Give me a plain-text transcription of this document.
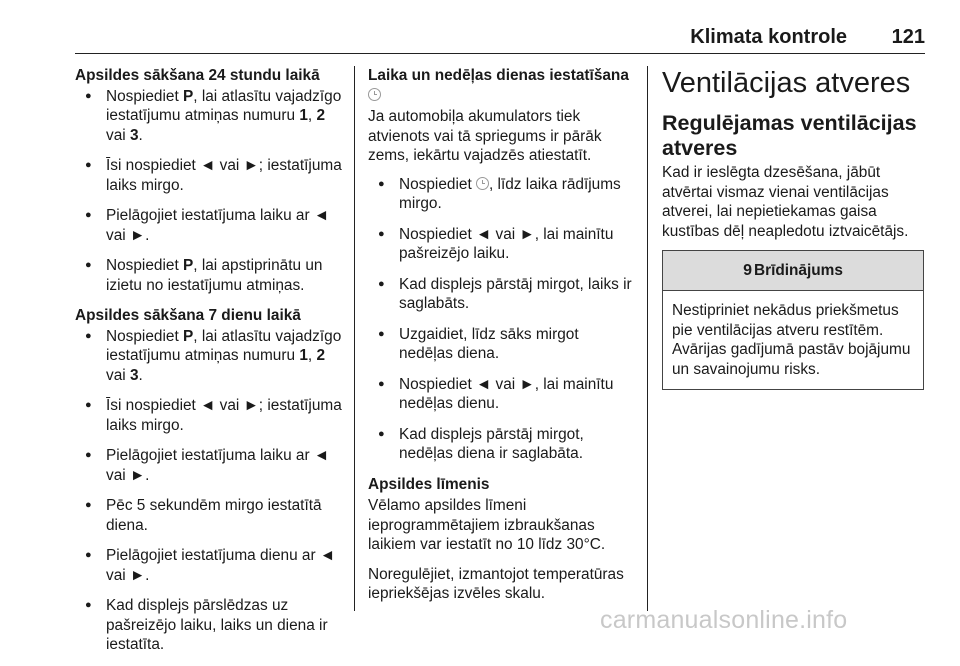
Klimata kontrole 121
Apsildes sākšana 24 stundu laikā
● Nospiediet P, lai atlasītu vajadzīgo iestatījumu atmiņas numuru 1, 2 vai 3.
● Īsi nospiediet ◄ vai ►; iestatījuma laiks mirgo.
● Pielāgojiet iestatījuma laiku ar ◄ vai ►.
● Nospiediet P, lai apstiprinātu un izietu no iestatījumu atmiņas.
Apsildes sākšana 7 dienu laikā
● Nospiediet P, lai atlasītu vajadzīgo iestatījumu atmiņas numuru 1, 2 vai 3.
● Īsi nospiediet ◄ vai ►; iestatījuma laiks mirgo.
● Pielāgojiet iestatījuma laiku ar ◄ vai ►.
● Pēc 5 sekundēm mirgo iestatītā diena.
● Pielāgojiet iestatījuma dienu ar ◄ vai ►.
● Kad displejs pārslēdzas uz pašreizējo laiku, laiks un diena ir iestatīta.
Laika un nedēļas dienas iestatīšana
Ja automobiļa akumulators tiek atvienots vai tā spriegums ir pārāk zems, iekārtu vajadzēs atiestatīt.
● Nospiediet , līdz laika rādījums mirgo.
● Nospiediet ◄ vai ►, lai mainītu pašreizējo laiku.
● Kad displejs pārstāj mirgot, laiks ir saglabāts.
● Uzgaidiet, līdz sāks mirgot nedēļas diena.
● Nospiediet ◄ vai ►, lai mainītu nedēļas dienu.
● Kad displejs pārstāj mirgot, nedēļas diena ir saglabāta.
Apsildes līmenis
Vēlamo apsildes līmeni ieprogrammētajiem izbraukšanas laikiem var iestatīt no 10 līdz 30°C.
Noregulējiet, izmantojot temperatūras iepriekšējas izvēles skalu.
Ventilācijas atveres
Regulējamas ventilācijas atveres
Kad ir ieslēgta dzesēšana, jābūt atvērtai vismaz vienai ventilācijas atverei, lai nepietiekamas gaisa kustības dēļ neapledotu iztvaicētājs.
9 Brīdinājums
Nestipriniet nekādus priekšmetus pie ventilācijas atveru restītēm. Avārijas gadījumā pastāv bojājumu un savainojumu risks.
carmanualsonline.info
